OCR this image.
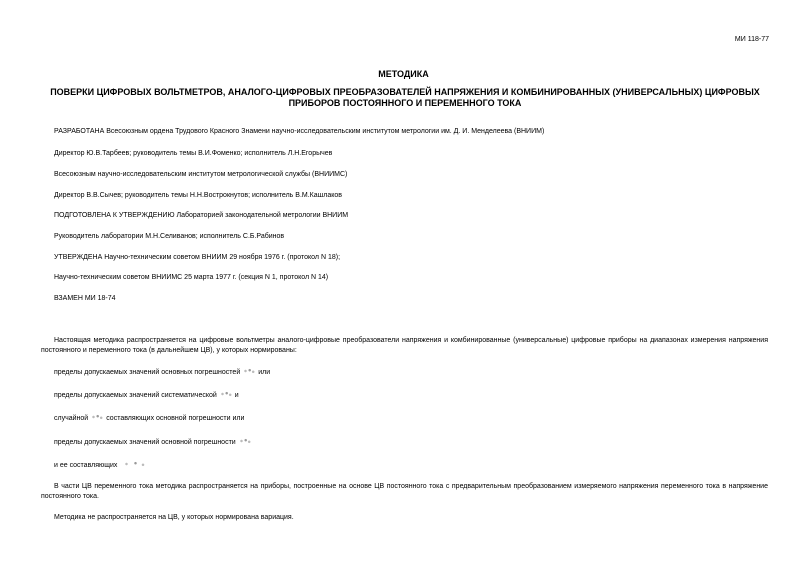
МИ 118-77
МЕТОДИКА
ПОВЕРКИ ЦИФРОВЫХ ВОЛЬТМЕТРОВ, АНАЛОГО-ЦИФРОВЫХ ПРЕОБРАЗОВАТЕЛЕЙ НАПРЯЖЕНИЯ И КОМБИНИРОВАННЫХ (УНИВЕРСАЛЬНЫХ) ЦИФРОВЫХ ПРИБОРОВ ПОСТОЯННОГО И ПЕРЕМЕННОГО ТОКА
РАЗРАБОТАНА Всесоюзным ордена Трудового Красного Знамени научно-исследовательским институтом метрологии им. Д. И. Менделеева (ВНИИМ)
Директор Ю.В.Тарбеев; руководитель темы В.И.Фоменко; исполнитель Л.Н.Егорычев
Всесоюзным научно-исследовательским институтом метрологической службы (ВНИИМС)
Директор В.В.Сычев; руководитель темы Н.Н.Вострокнутов; исполнитель В.М.Кашлаков
ПОДГОТОВЛЕНА К УТВЕРЖДЕНИЮ Лабораторией законодательной метрологии ВНИИМ
Руководитель лаборатории М.Н.Селиванов; исполнитель С.Б.Рабинов
УТВЕРЖДЕНА Научно-техническим советом ВНИИМ 29 ноября 1976 г. (протокол N 18);
Научно-техническим советом ВНИИМС 25 марта 1977 г. (секция N 1, протокол N 14)
ВЗАМЕН МИ 18-74
Настоящая методика распространяется на цифровые вольтметры аналого-цифровые преобразователи напряжения и комбинированные (универсальные) цифровые приборы на диапазонах измерения напряжения постоянного и переменного тока (в дальнейшем ЦВ), у которых нормированы:
пределы допускаемых значений основных погрешностей	или
пределы допускаемых значений систематической	и
случайной	составляющих основной погрешности или
пределы допускаемых значений основной погрешности
и ее составляющих
В части ЦВ переменного тока методика распространяется на приборы, построенные на основе ЦВ постоянного тока с предварительным преобразованием измеряемого напряжения переменного тока в напряжение постоянного тока.
Методика не распространяется на ЦВ, у которых нормирована вариация.
